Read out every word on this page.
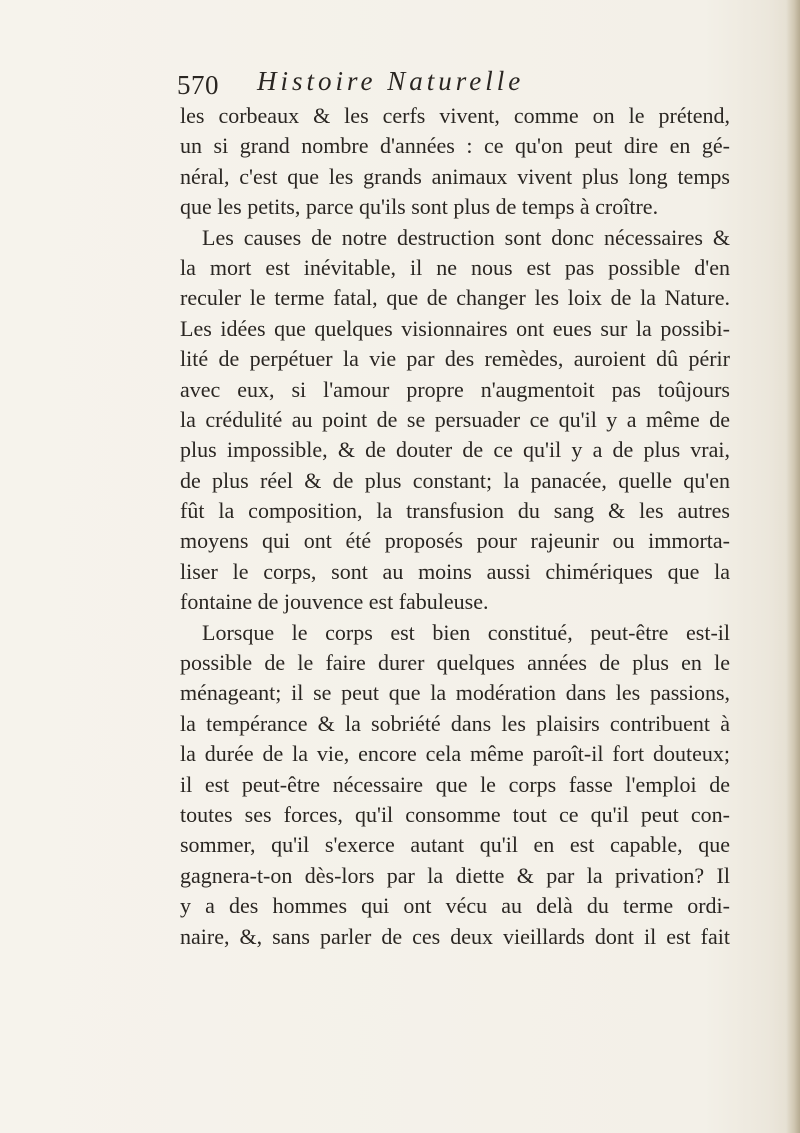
570 Histoire Naturelle
les corbeaux & les cerfs vivent, comme on le prétend,
un si grand nombre d'années : ce qu'on peut dire en gé-
néral, c'est que les grands animaux vivent plus long temps
que les petits, parce qu'ils sont plus de temps à croître.
Les causes de notre destruction sont donc nécessaires &
la mort est inévitable, il ne nous est pas possible d'en
reculer le terme fatal, que de changer les loix de la Nature.
Les idées que quelques visionnaires ont eues sur la possibi-
lité de perpétuer la vie par des remèdes, auroient dû périr
avec eux, si l'amour propre n'augmentoit pas toûjours
la crédulité au point de se persuader ce qu'il y a même de
plus impossible, & de douter de ce qu'il y a de plus vrai,
de plus réel & de plus constant; la panacée, quelle qu'en
fût la composition, la transfusion du sang & les autres
moyens qui ont été proposés pour rajeunir ou immorta-
liser le corps, sont au moins aussi chimériques que la
fontaine de jouvence est fabuleuse.
Lorsque le corps est bien constitué, peut-être est-il
possible de le faire durer quelques années de plus en le
ménageant; il se peut que la modération dans les passions,
la tempérance & la sobriété dans les plaisirs contribuent à
la durée de la vie, encore cela même paroît-il fort douteux;
il est peut-être nécessaire que le corps fasse l'emploi de
toutes ses forces, qu'il consomme tout ce qu'il peut con-
sommer, qu'il s'exerce autant qu'il en est capable, que
gagnera-t-on dès-lors par la diette & par la privation? Il
y a des hommes qui ont vécu au delà du terme ordi-
naire, &, sans parler de ces deux vieillards dont il est fait
